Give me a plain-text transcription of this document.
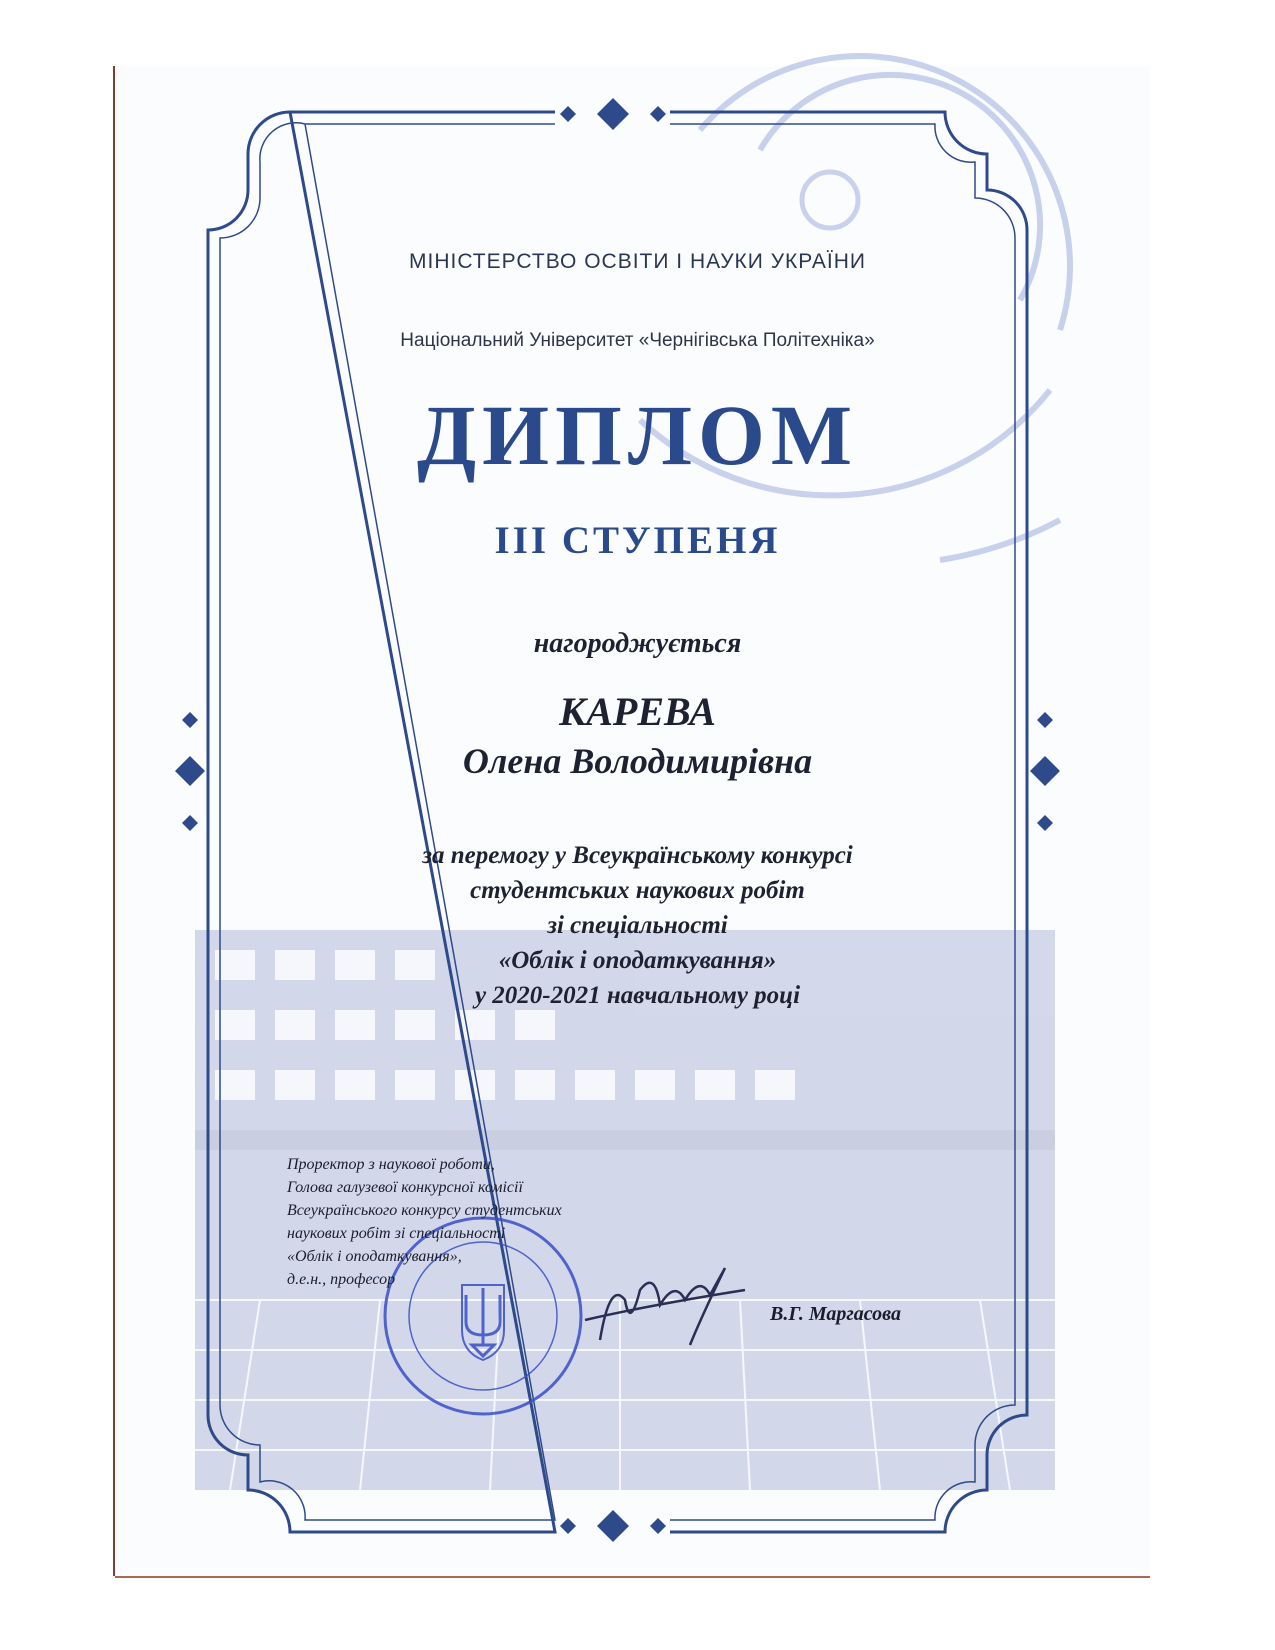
МІНІСТЕРСТВО ОСВІТИ І НАУКИ УКРАЇНИ

Національний Університет «Чернігівська Політехніка»

ДИПЛОМ

III СТУПЕНЯ

нагороджується

КАРЕВА

Олена Володимирівна

за перемогу у Всеукраїнському конкурсі
студентських наукових робіт
зі спеціальності
«Облік і оподаткування»
у 2020-2021 навчальному році

Проректор з наукової роботи,
Голова галузевої конкурсної комісії
Всеукраїнського конкурсу студентських
наукових робіт зі спеціальності
«Облік і оподаткування»,
д.е.н., професор
В.Г. Маргасова
